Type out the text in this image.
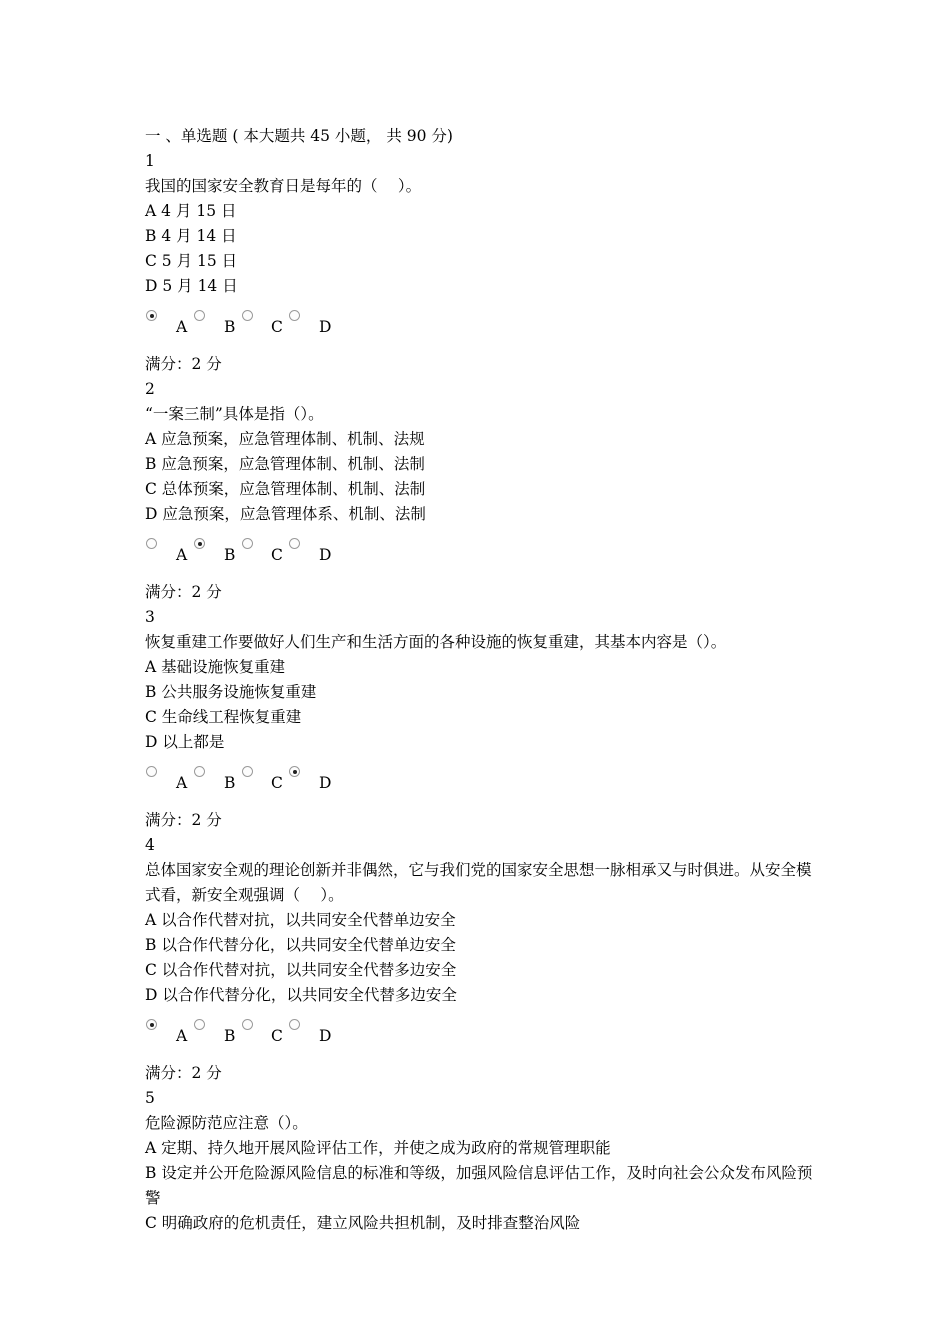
一 、单选题 ( 本大题共 45 小题， 共 90 分)
1
我国的国家安全教育日是每年的（　 ）。
A 4 月 15 日
B 4 月 14 日
C 5 月 15 日
D 5 月 14 日
A B C D
满分：2 分
2
“一案三制”具体是指（）。
A 应急预案，应急管理体制、机制、法规
B 应急预案，应急管理体制、机制、法制
C 总体预案，应急管理体制、机制、法制
D 应急预案，应急管理体系、机制、法制
A B C D
满分：2 分
3
恢复重建工作要做好人们生产和生活方面的各种设施的恢复重建，其基本内容是（）。
A 基础设施恢复重建
B 公共服务设施恢复重建
C 生命线工程恢复重建
D 以上都是
A B C D
满分：2 分
4
总体国家安全观的理论创新并非偶然，它与我们党的国家安全思想一脉相承又与时俱进。从安全模式看，新安全观强调（　 ）。
A 以合作代替对抗，以共同安全代替单边安全
B 以合作代替分化，以共同安全代替单边安全
C 以合作代替对抗，以共同安全代替多边安全
D 以合作代替分化，以共同安全代替多边安全
A B C D
满分：2 分
5
危险源防范应注意（）。
A 定期、持久地开展风险评估工作，并使之成为政府的常规管理职能
B 设定并公开危险源风险信息的标准和等级，加强风险信息评估工作，及时向社会公众发布风险预警
C 明确政府的危机责任，建立风险共担机制，及时排查整治风险
